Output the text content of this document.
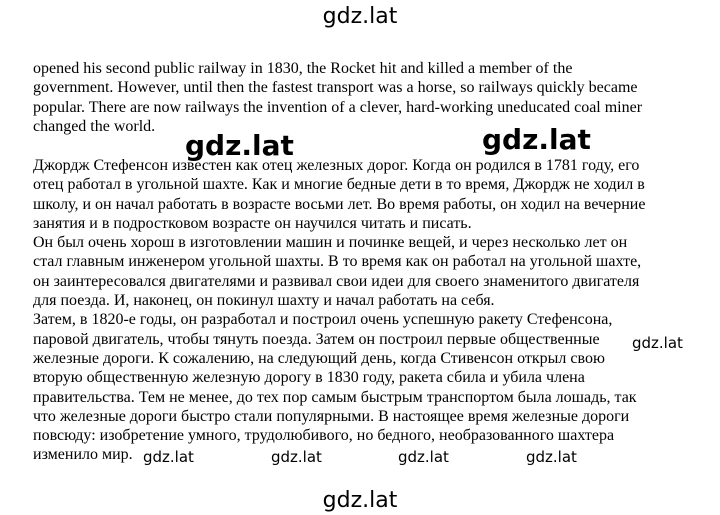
opened his second public railway in 1830, the Rocket hit and killed a member of the
government. However, until then the fastest transport was a horse, so railways quickly became
popular. There are now railways the invention of a clever, hard-working uneducated coal miner
changed the world.
Джордж Стефенсон известен как отец железных дорог. Когда он родился в 1781 году, его
отец работал в угольной шахте. Как и многие бедные дети в то время, Джордж не ходил в
школу, и он начал работать в возрасте восьми лет. Во время работы, он ходил на вечерние
занятия и в подростковом возрасте он научился читать и писать.
Он был очень хорош в изготовлении машин и починке вещей, и через несколько лет он
стал главным инженером угольной шахты. В то время как он работал на угольной шахте,
он заинтересовался двигателями и развивал свои идеи для своего знаменитого двигателя
для поезда. И, наконец, он покинул шахту и начал работать на себя.
Затем, в 1820-е годы, он разработал и построил очень успешную ракету Стефенсона,
паровой двигатель, чтобы тянуть поезда. Затем он построил первые общественные
железные дороги. К сожалению, на следующий день, когда Стивенсон открыл свою
вторую общественную железную дорогу в 1830 году, ракета сбила и убила члена
правительства. Тем не менее, до тех пор самым быстрым транспортом была лошадь, так
что железные дороги быстро стали популярными. В настоящее время железные дороги
повсюду: изобретение умного, трудолюбивого, но бедного, необразованного шахтера
изменило мир.
gdz.lat
gdz.lat	gdz.lat
gdz.lat
gdz.lat	gdz.lat	gdz.lat	gdz.lat
gdz.lat
